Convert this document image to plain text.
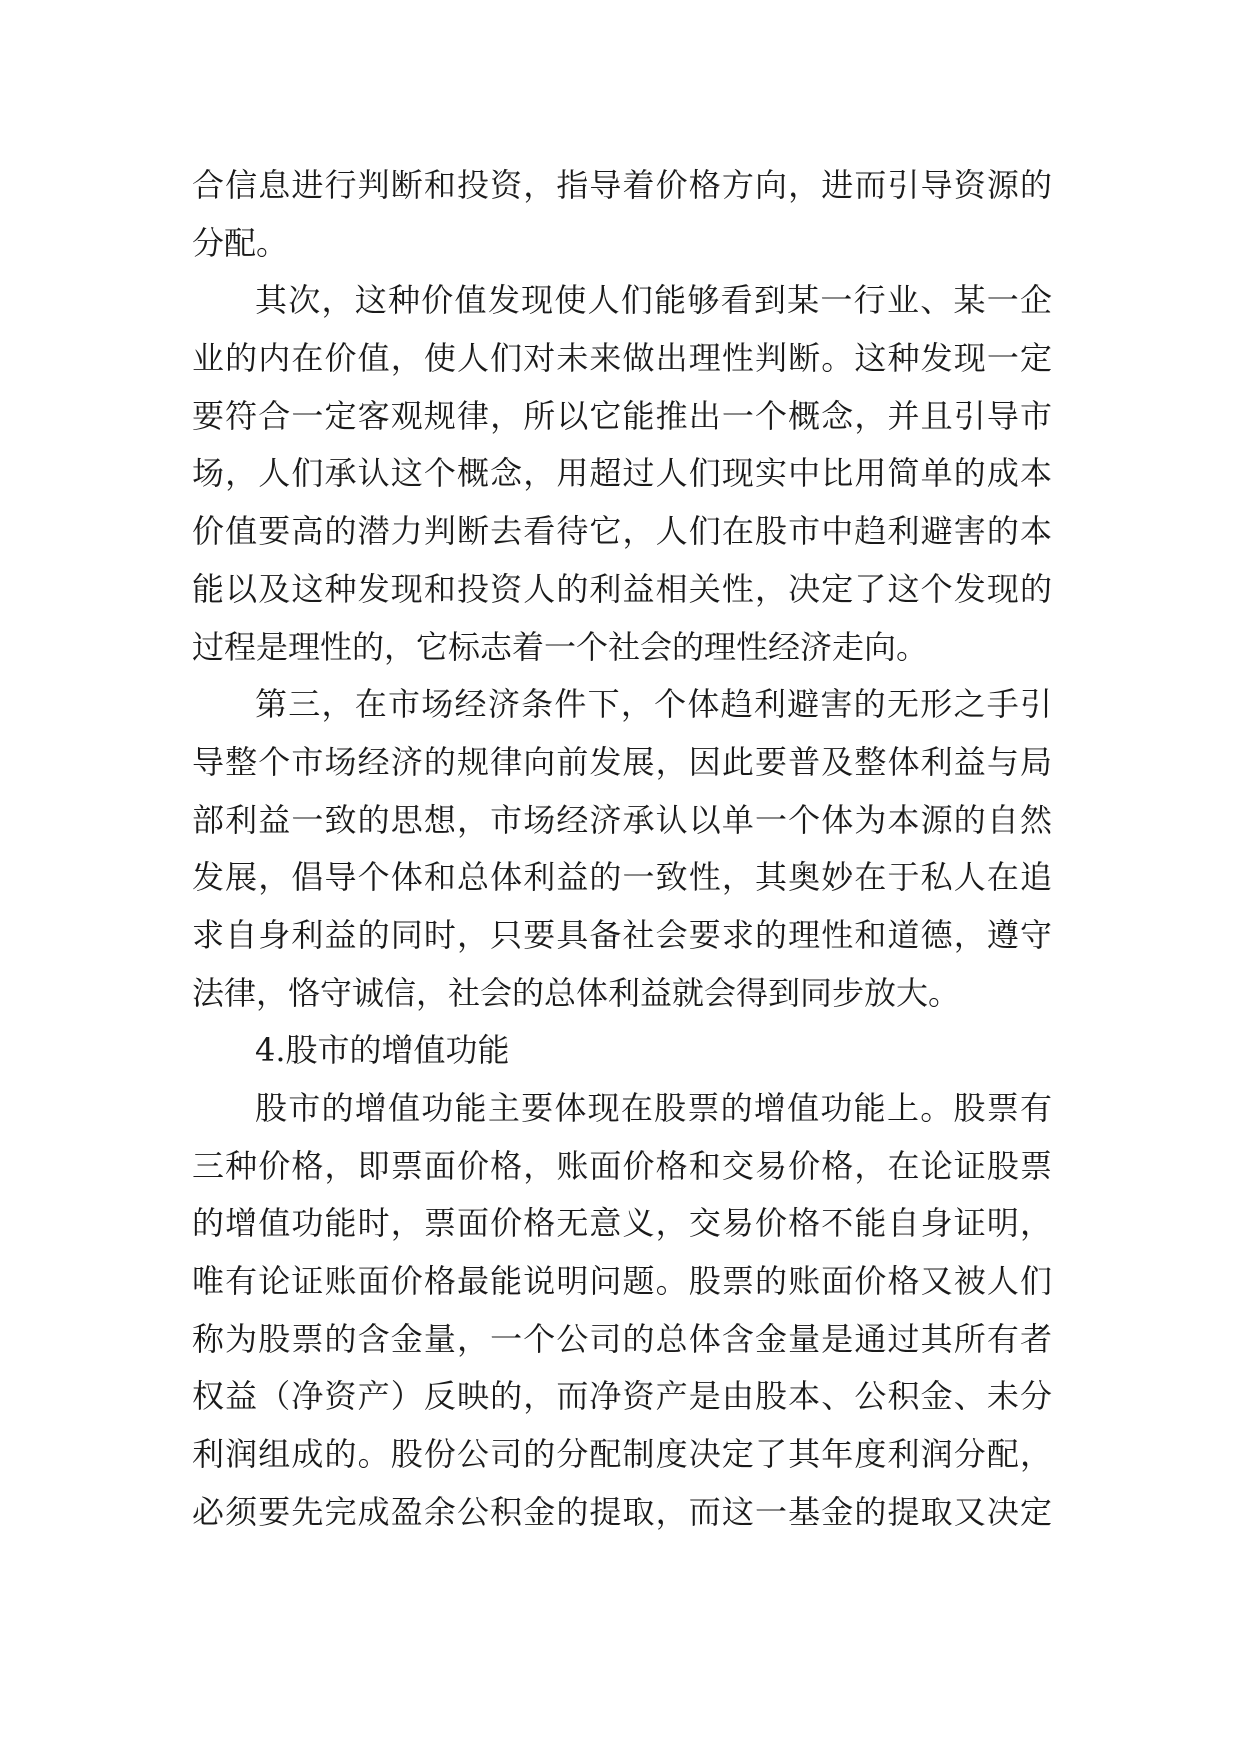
合信息进行判断和投资，指导着价格方向，进而引导资源的
分配。
其次，这种价值发现使人们能够看到某一行业、某一企
业的内在价值，使人们对未来做出理性判断。这种发现一定
要符合一定客观规律，所以它能推出一个概念，并且引导市
场，人们承认这个概念，用超过人们现实中比用简单的成本
价值要高的潜力判断去看待它，人们在股市中趋利避害的本
能以及这种发现和投资人的利益相关性，决定了这个发现的
过程是理性的，它标志着一个社会的理性经济走向。
第三，在市场经济条件下，个体趋利避害的无形之手引
导整个市场经济的规律向前发展，因此要普及整体利益与局
部利益一致的思想，市场经济承认以单一个体为本源的自然
发展，倡导个体和总体利益的一致性，其奥妙在于私人在追
求自身利益的同时，只要具备社会要求的理性和道德，遵守
法律，恪守诚信，社会的总体利益就会得到同步放大。
4.股市的增值功能
股市的增值功能主要体现在股票的增值功能上。股票有
三种价格，即票面价格，账面价格和交易价格，在论证股票
的增值功能时，票面价格无意义，交易价格不能自身证明，
唯有论证账面价格最能说明问题。股票的账面价格又被人们
称为股票的含金量，一个公司的总体含金量是通过其所有者
权益（净资产）反映的，而净资产是由股本、公积金、未分
利润组成的。股份公司的分配制度决定了其年度利润分配，
必须要先完成盈余公积金的提取，而这一基金的提取又决定
